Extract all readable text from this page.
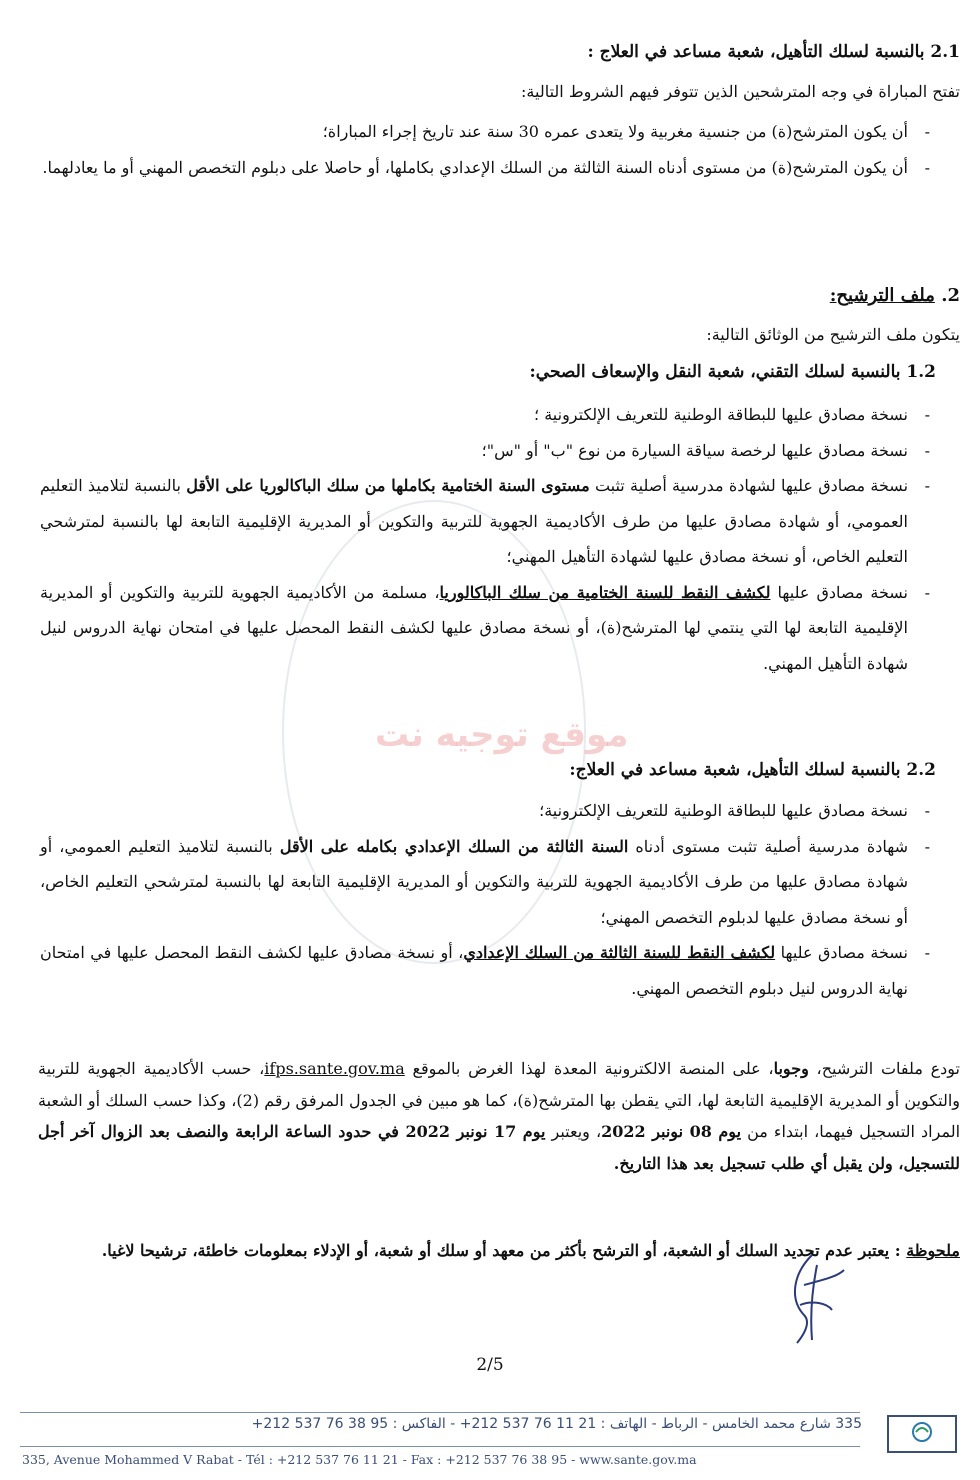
موقع توجيه نت
2.1 بالنسبة لسلك التأهيل، شعبة مساعد في العلاج :
تفتح المباراة في وجه المترشحين الذين تتوفر فيهم الشروط التالية:
- أن يكون المترشح(ة) من جنسية مغربية ولا يتعدى عمره 30 سنة عند تاريخ إجراء المباراة؛
- أن يكون المترشح(ة) من مستوى أدناه السنة الثالثة من السلك الإعدادي بكاملها، أو حاصلا على دبلوم التخصص المهني أو ما يعادلهما.
2. ملف الترشيح:
يتكون ملف الترشيح من الوثائق التالية:
1.2 بالنسبة لسلك التقني، شعبة النقل والإسعاف الصحي:
- نسخة مصادق عليها للبطاقة الوطنية للتعريف الإلكترونية ؛
- نسخة مصادق عليها لرخصة سياقة السيارة من نوع "ب" أو "س"؛
- نسخة مصادق عليها لشهادة مدرسية أصلية تثبت مستوى السنة الختامية بكاملها من سلك الباكالوريا على الأقل بالنسبة لتلاميذ التعليم العمومي، أو شهادة مصادق عليها من طرف الأكاديمية الجهوية للتربية والتكوين أو المديرية الإقليمية التابعة لها بالنسبة لمترشحي التعليم الخاص، أو نسخة مصادق عليها لشهادة التأهيل المهني؛
- نسخة مصادق عليها لكشف النقط للسنة الختامية من سلك الباكالوريا، مسلمة من الأكاديمية الجهوية للتربية والتكوين أو المديرية الإقليمية التابعة لها التي ينتمي لها المترشح(ة)، أو نسخة مصادق عليها لكشف النقط المحصل عليها في امتحان نهاية الدروس لنيل شهادة التأهيل المهني.
2.2 بالنسبة لسلك التأهيل، شعبة مساعد في العلاج:
- نسخة مصادق عليها للبطاقة الوطنية للتعريف الإلكترونية؛
- شهادة مدرسية أصلية تثبت مستوى أدناه السنة الثالثة من السلك الإعدادي بكامله على الأقل بالنسبة لتلاميذ التعليم العمومي، أو شهادة مصادق عليها من طرف الأكاديمية الجهوية للتربية والتكوين أو المديرية الإقليمية التابعة لها بالنسبة لمترشحي التعليم الخاص، أو نسخة مصادق عليها لدبلوم التخصص المهني؛
- نسخة مصادق عليها لكشف النقط للسنة الثالثة من السلك الإعدادي، أو نسخة مصادق عليها لكشف النقط المحصل عليها في امتحان نهاية الدروس لنيل دبلوم التخصص المهني.
تودع ملفات الترشيح، وجوبا، على المنصة الالكترونية المعدة لهذا الغرض بالموقع ifps.sante.gov.ma، حسب الأكاديمية الجهوية للتربية والتكوين أو المديرية الإقليمية التابعة لها، التي يقطن بها المترشح(ة)، كما هو مبين في الجدول المرفق رقم (2)، وكذا حسب السلك أو الشعبة المراد التسجيل فيهما، ابتداء من يوم 08 نونبر 2022، ويعتبر يوم 17 نونبر 2022 في حدود الساعة الرابعة والنصف بعد الزوال آخر أجل للتسجيل، ولن يقبل أي طلب تسجيل بعد هذا التاريخ.
ملحوظة : يعتبر عدم تحديد السلك أو الشعبة، أو الترشح بأكثر من معهد أو سلك أو شعبة، أو الإدلاء بمعلومات خاطئة، ترشيحا لاغيا.
2/5
335 شارع محمد الخامس - الرباط - الهاتف : 21 11 76 537 212+ - الفاكس : 95 38 76 537 212+
335, Avenue Mohammed V Rabat - Tél : +212 537 76 11 21 - Fax : +212 537 76 38 95 - www.sante.gov.ma
